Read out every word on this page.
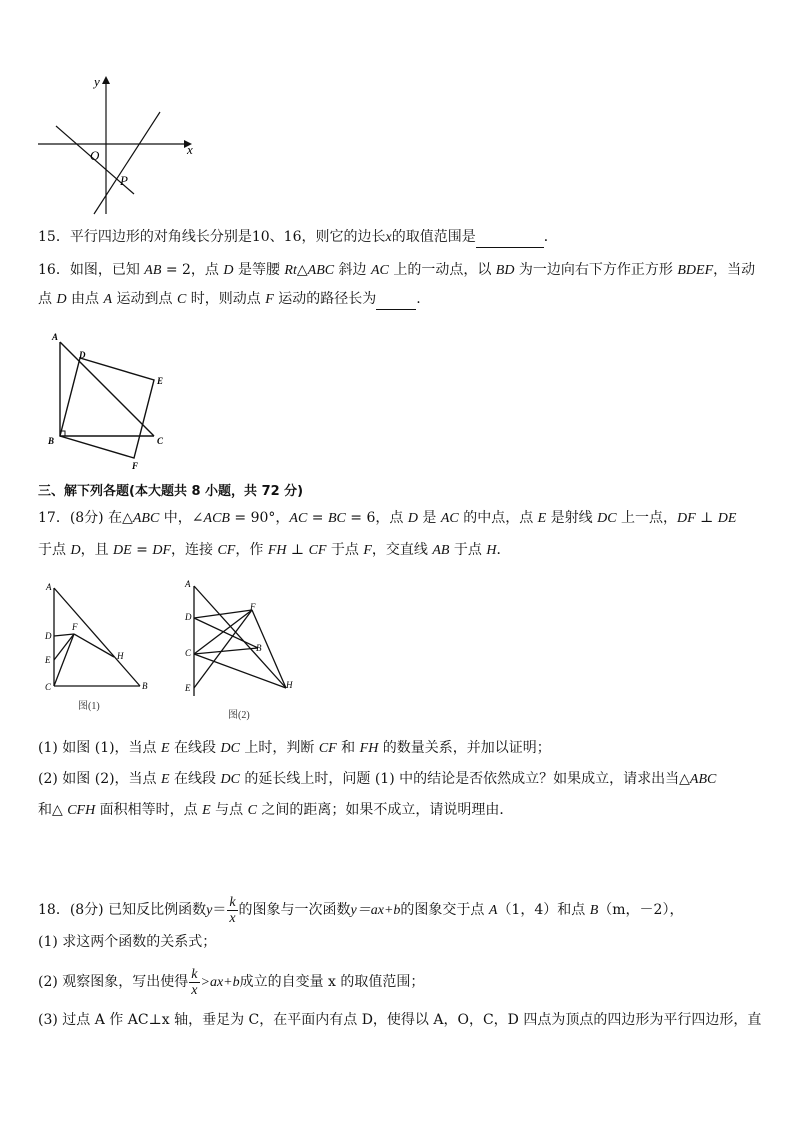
y
x
O
P
15．平行四边形的对角线长分别是10、16，则它的边长x的取值范围是	．
16．如图，已知 AB = 2，点 D 是等腰 Rt△ABC 斜边 AC 上的一动点，以 BD 为一边向右下方作正方形 BDEF，当动
点 D 由点 A 运动到点 C 时，则动点 F 运动的路径长为	.
A
D
E
B	C
F
三、解下列各题(本大题共 8 小题，共 72 分)
17．(8分) 在△ABC 中，∠ACB = 90°，AC = BC = 6，点 D 是 AC 的中点，点 E 是射线 DC 上一点，DF ⊥ DE
于点 D，且 DE = DF，连接 CF，作 FH ⊥ CF 于点 F，交直线 AB 于点 H．
A
D
F
E	H
C	B
图(1)
A
F
D
B
C
E	H
图(2)
(1) 如图 (1)，当点 E 在线段 DC 上时，判断 CF 和 FH 的数量关系，并加以证明；
(2) 如图 (2)，当点 E 在线段 DC 的延长线上时，问题 (1) 中的结论是否依然成立？如果成立，请求出当△ABC
和△ CFH 面积相等时，点 E 与点 C 之间的距离；如果不成立，请说明理由．
18．(8分) 已知反比例函数$y= \frac{k}{x}$ 的图象与一次函数y＝ax+b的图象交于点 A（1，4）和点 B（m，－2），
(1) 求这两个函数的关系式；
(2) 观察图象，写出使得 $\frac{k}{x} >ax+b$成立的自变量 x 的取值范围；
(3) 过点 A 作 AC⊥x 轴，垂足为 C，在平面内有点 D，使得以 A，O，C，D 四点为顶点的四边形为平行四边形，直
